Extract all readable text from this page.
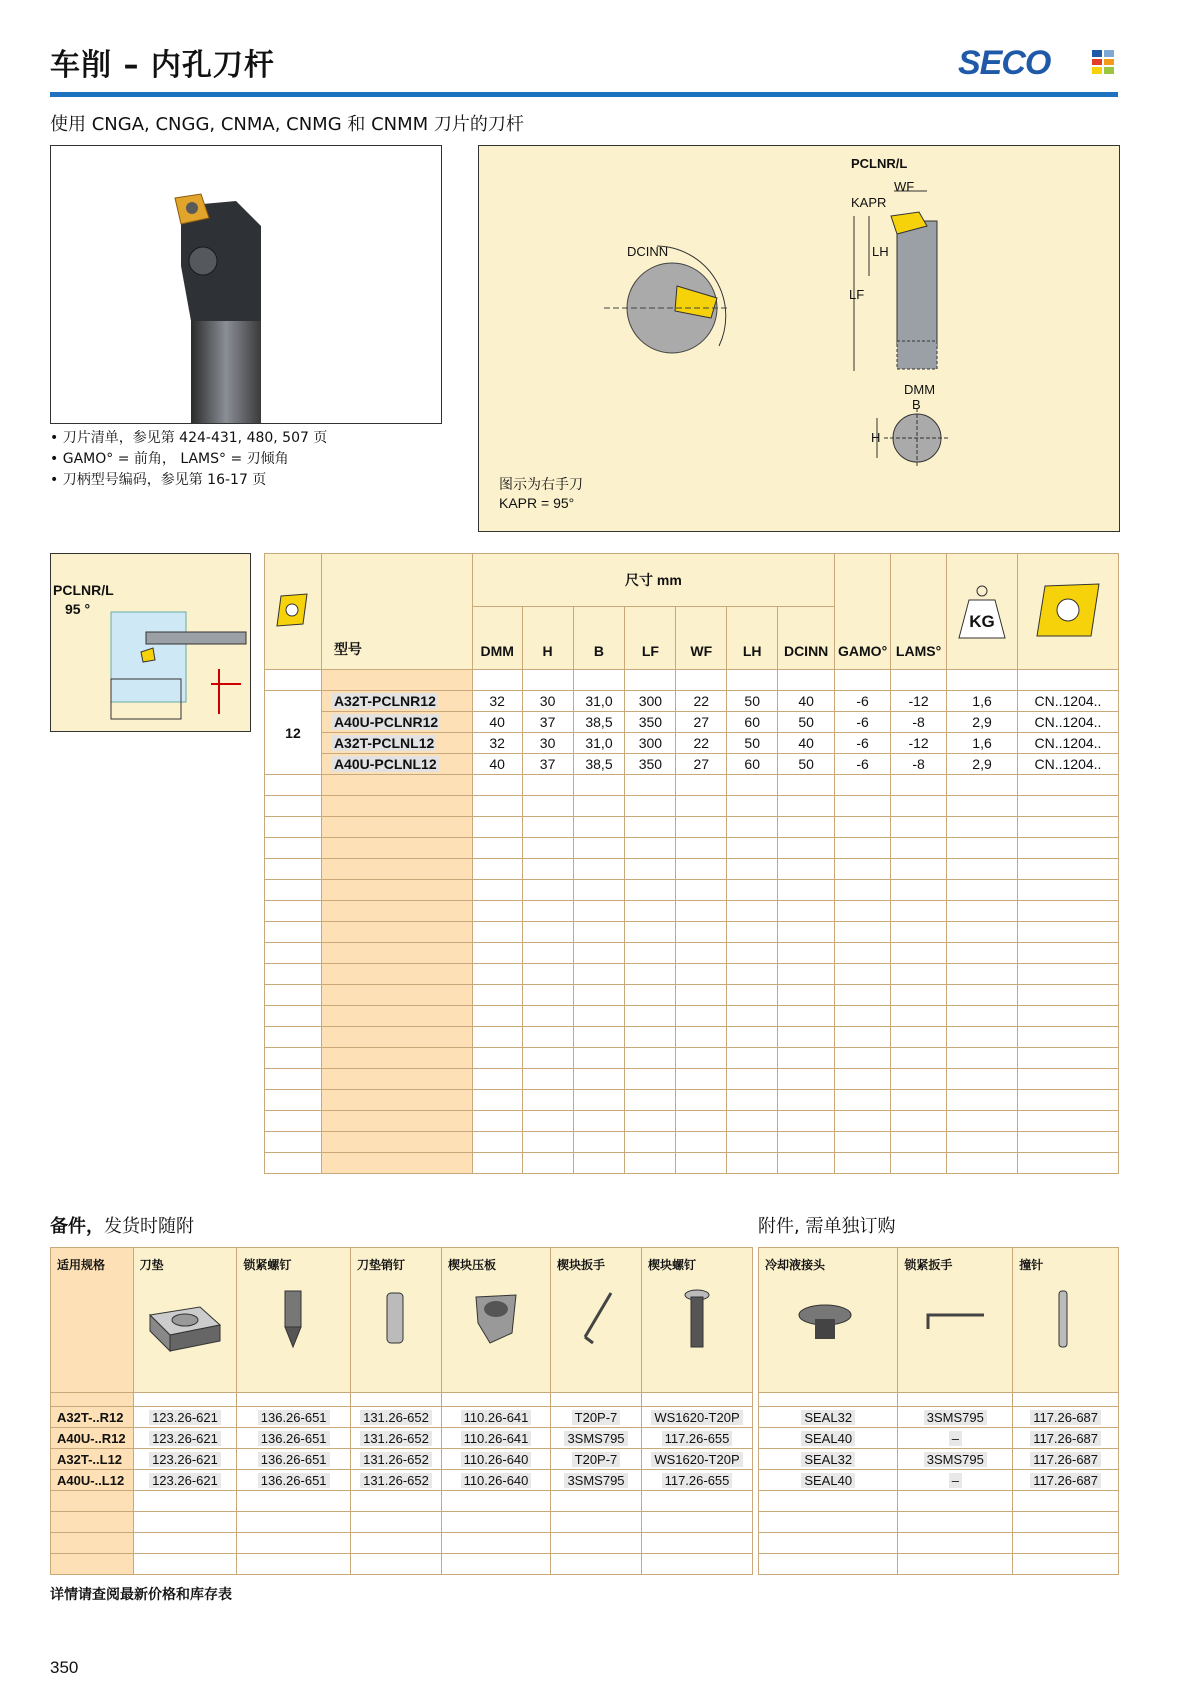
车削 – 内孔刀杆	SECO
使用 CNGA, CNGG, CNMA, CNMG 和 CNMM 刀片的刀杆
• 刀片清单，参见第 424-431, 480, 507 页
• GAMO° = 前角， LAMS° = 刃倾角
• 刀柄型号编码，参见第 16-17 页
PCLNR/L
WF
KAPR
LH
LF
DCINN
DMM
B
H
图示为右手刀
KAPR = 95°
PCLNR/L
95 °
	型号	尺寸 mm							GAMO°	LAMS°	KG

		DMM	H	B	LF	WF	LH	DCINN				

12	A32T-PCLNR12	32	30	31,0	300	22	50	40	-6	-12	1,6	CN..1204..
	A40U-PCLNR12	40	37	38,5	350	27	60	50	-6	-8	2,9	CN..1204..
	A32T-PCLNL12	32	30	31,0	300	22	50	40	-6	-12	1,6	CN..1204..
	A40U-PCLNL12	40	37	38,5	350	27	60	50	-6	-8	2,9	CN..1204..

备件，发货时随附	附件, 需单独订购
适用规格	刀垫	锁紧螺钉	刀垫销钉	楔块压板	楔块扳手	楔块螺钉

A32T-..R12	123.26-621	136.26-651	131.26-652	110.26-641	T20P-7	WS1620-T20P
A40U-..R12	123.26-621	136.26-651	131.26-652	110.26-641	3SMS795	117.26-655
A32T-..L12	123.26-621	136.26-651	131.26-652	110.26-640	T20P-7	WS1620-T20P
A40U-..L12	123.26-621	136.26-651	131.26-652	110.26-640	3SMS795	117.26-655

冷却液接头	锁紧扳手	撞针

SEAL32	3SMS795	117.26-687
SEAL40	–	117.26-687
SEAL32	3SMS795	117.26-687
SEAL40	–	117.26-687

详情请查阅最新价格和库存表
350
